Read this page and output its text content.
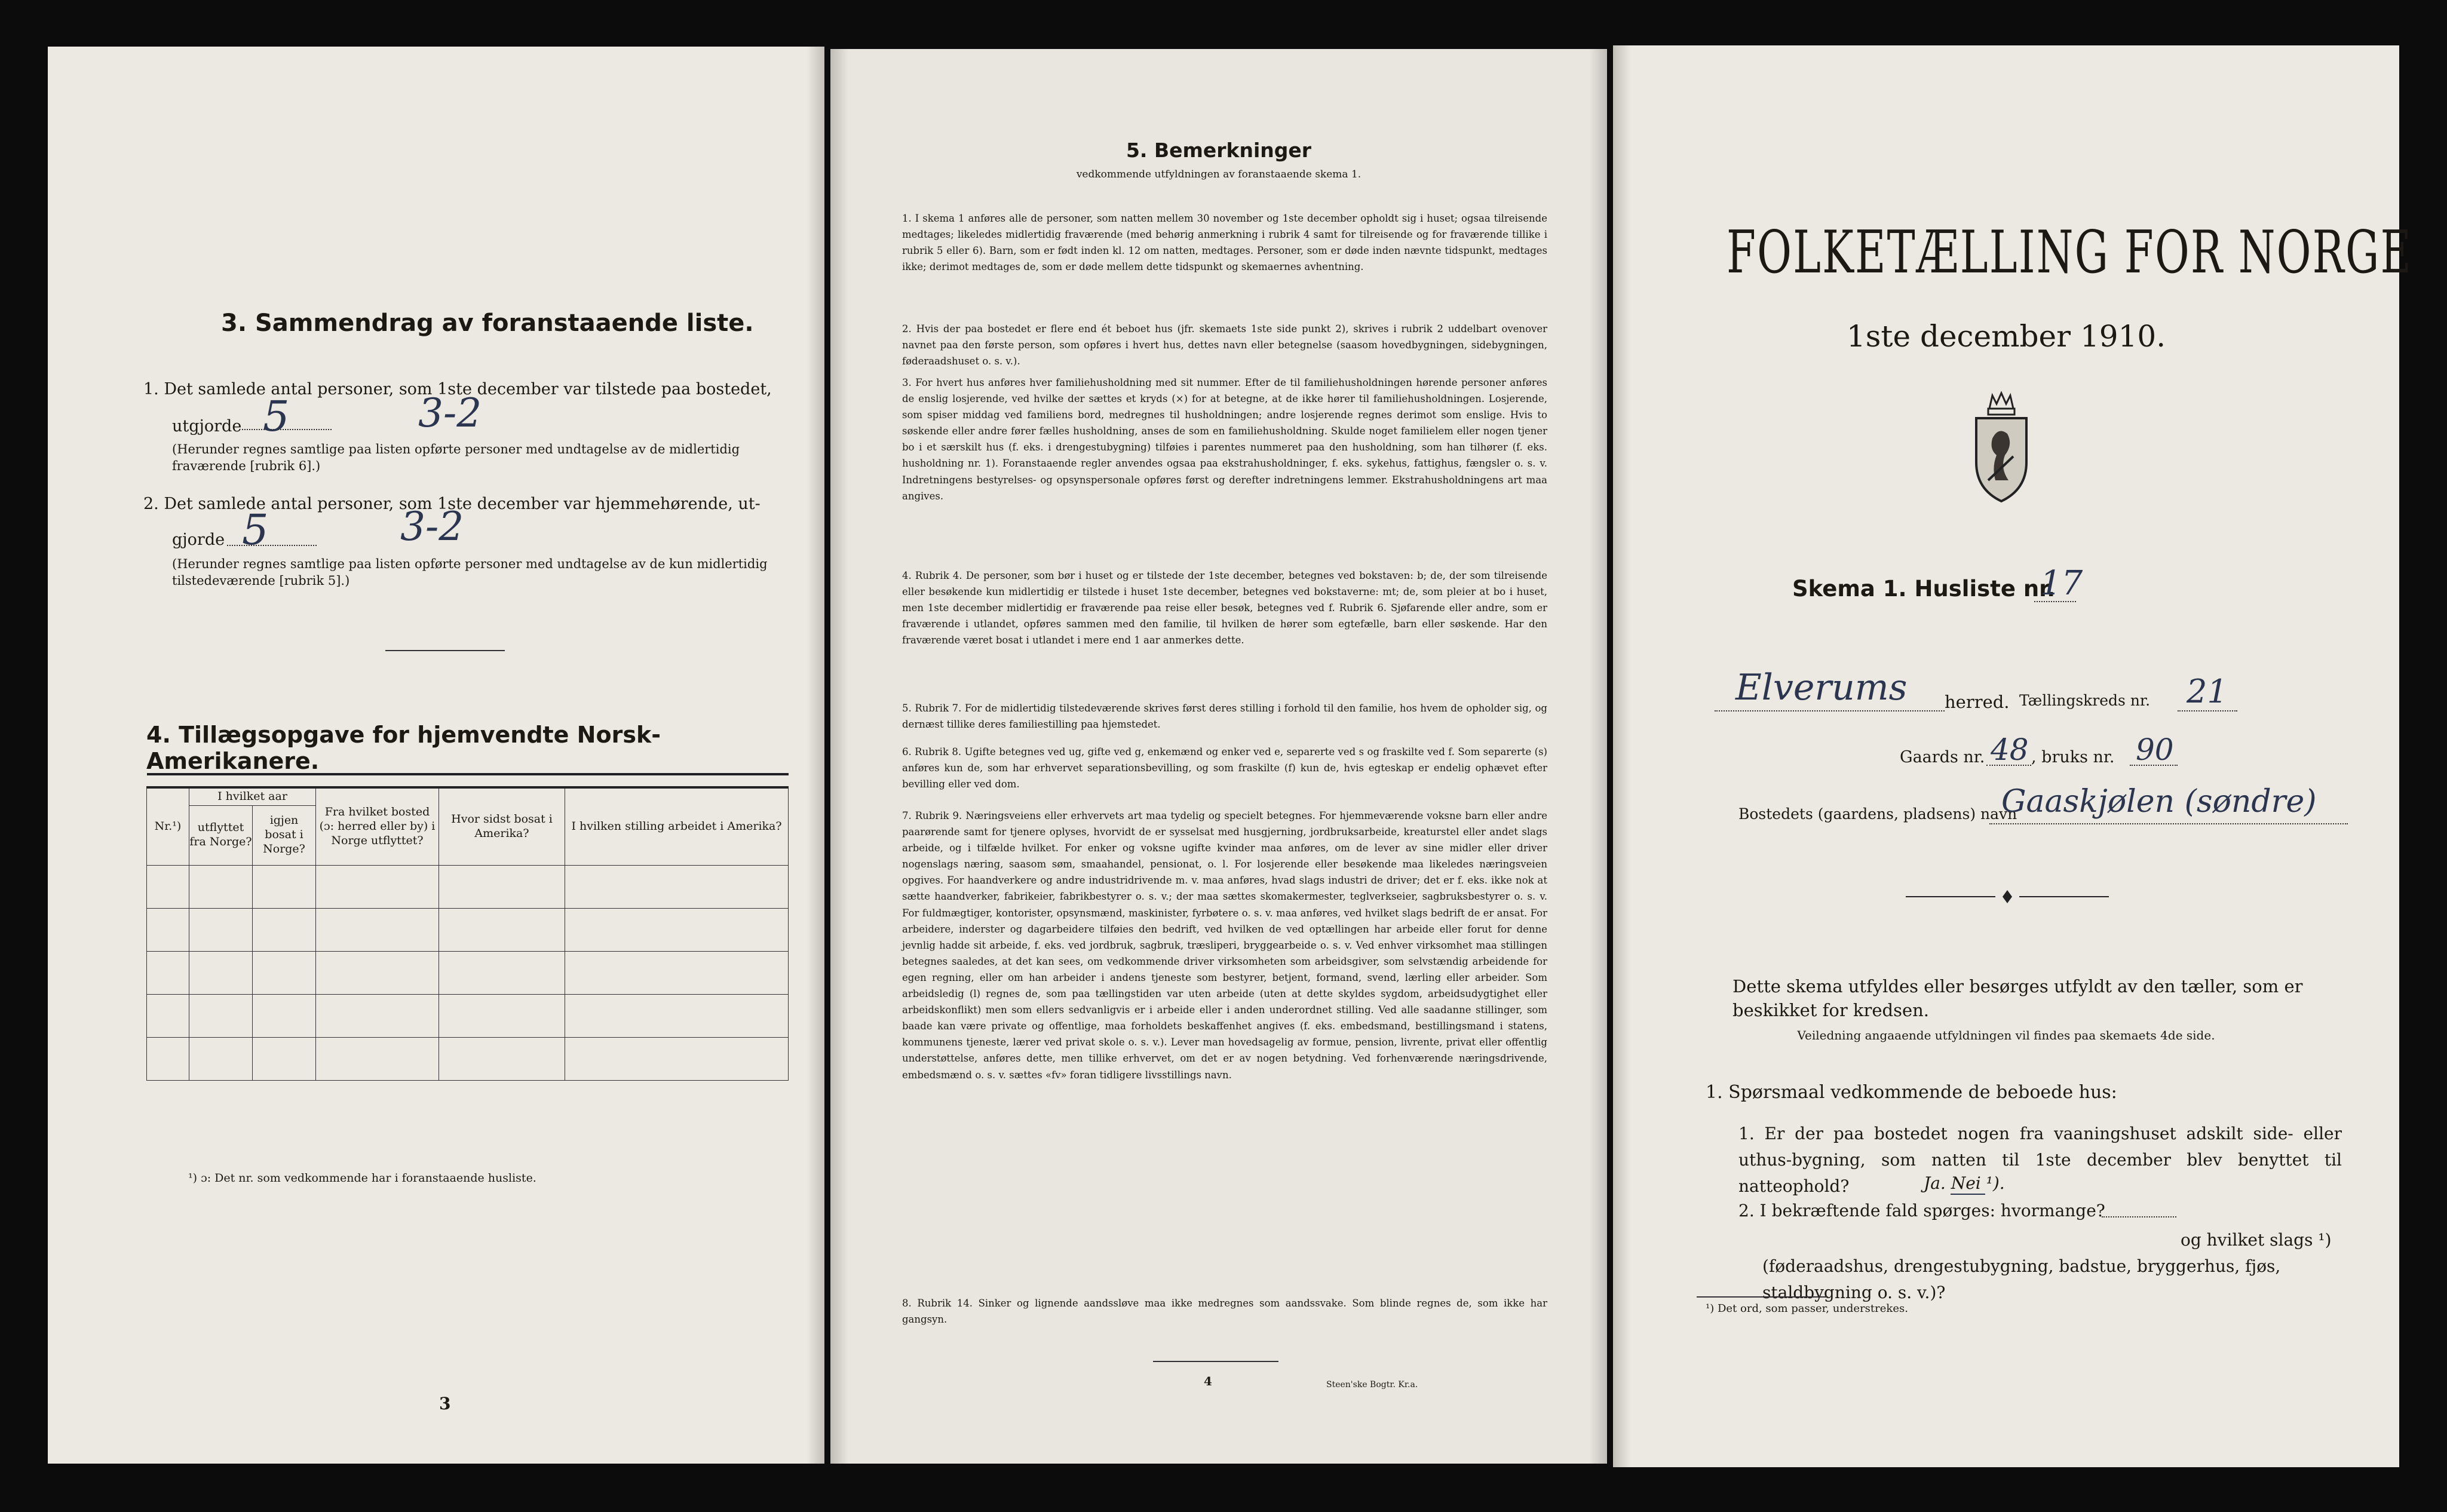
3. Sammendrag av foranstaaende liste.
1. Det samlede antal personer, som 1ste december var tilstede paa bostedet,
utgjorde 5	3-2
(Herunder regnes samtlige paa listen opførte personer med undtagelse av de midlertidig fraværende [rubrik 6].)
2. Det samlede antal personer, som 1ste december var hjemmehørende, ut-
gjorde 5	3-2
(Herunder regnes samtlige paa listen opførte personer med undtagelse av de kun midlertidig tilstedeværende [rubrik 5].)
4. Tillægsopgave for hjemvendte Norsk-Amerikanere.

Nr.¹)	I hvilket aar		Fra hvilket bosted (ɔ: herred eller by) i Norge utflyttet?	Hvor sidst bosat i Amerika?	I hvilken stilling arbeidet i Amerika?
	utflyttet fra Norge?	igjen bosat i Norge?			

¹) ɔ: Det nr. som vedkommende har i foranstaaende husliste.
3
5. Bemerkninger
vedkommende utfyldningen av foranstaaende skema 1.
1. I skema 1 anføres alle de personer, som natten mellem 30 november og 1ste december opholdt sig i huset; ogsaa tilreisende medtages; likeledes midlertidig fraværende (med behørig anmerkning i rubrik 4 samt for tilreisende og for fraværende tillike i rubrik 5 eller 6). Barn, som er født inden kl. 12 om natten, medtages. Personer, som er døde inden nævnte tidspunkt, medtages ikke; derimot medtages de, som er døde mellem dette tidspunkt og skemaernes avhentning.
2. Hvis der paa bostedet er flere end ét beboet hus (jfr. skemaets 1ste side punkt 2), skrives i rubrik 2 uddelbart ovenover navnet paa den første person, som opføres i hvert hus, dettes navn eller betegnelse (saasom hovedbygningen, sidebygningen, føderaadshuset o. s. v.).
3. For hvert hus anføres hver familiehusholdning med sit nummer. Efter de til familiehusholdningen hørende personer anføres de enslig losjerende, ved hvilke der sættes et kryds (×) for at betegne, at de ikke hører til familiehusholdningen. Losjerende, som spiser middag ved familiens bord, medregnes til husholdningen; andre losjerende regnes derimot som enslige. Hvis to søskende eller andre fører fælles husholdning, anses de som en familiehusholdning. Skulde noget familielem eller nogen tjener bo i et særskilt hus (f. eks. i drengestubygning) tilføies i parentes nummeret paa den husholdning, som han tilhører (f. eks. husholdning nr. 1). Foranstaaende regler anvendes ogsaa paa ekstrahusholdninger, f. eks. sykehus, fattighus, fængsler o. s. v. Indretningens bestyrelses- og opsynspersonale opføres først og derefter indretningens lemmer. Ekstrahusholdningens art maa angives.
4. Rubrik 4. De personer, som bør i huset og er tilstede der 1ste december, betegnes ved bokstaven: b; de, der som tilreisende eller besøkende kun midlertidig er tilstede i huset 1ste december, betegnes ved bokstaverne: mt; de, som pleier at bo i huset, men 1ste december midlertidig er fraværende paa reise eller besøk, betegnes ved f. Rubrik 6. Sjøfarende eller andre, som er fraværende i utlandet, opføres sammen med den familie, til hvilken de hører som egtefælle, barn eller søskende. Har den fraværende været bosat i utlandet i mere end 1 aar anmerkes dette.
5. Rubrik 7. For de midlertidig tilstedeværende skrives først deres stilling i forhold til den familie, hos hvem de opholder sig, og dernæst tillike deres familiestilling paa hjemstedet.
6. Rubrik 8. Ugifte betegnes ved ug, gifte ved g, enkemænd og enker ved e, separerte ved s og fraskilte ved f. Som separerte (s) anføres kun de, som har erhvervet separationsbevilling, og som fraskilte (f) kun de, hvis egteskap er endelig ophævet efter bevilling eller ved dom.
7. Rubrik 9. Næringsveiens eller erhvervets art maa tydelig og specielt betegnes. For hjemmeværende voksne barn eller andre paarørende samt for tjenere oplyses, hvorvidt de er sysselsat med husgjerning, jordbruksarbeide, kreaturstel eller andet slags arbeide, og i tilfælde hvilket. For enker og voksne ugifte kvinder maa anføres, om de lever av sine midler eller driver nogenslags næring, saasom søm, smaahandel, pensionat, o. l. For losjerende eller besøkende maa likeledes næringsveien opgives. For haandverkere og andre industridrivende m. v. maa anføres, hvad slags industri de driver; det er f. eks. ikke nok at sætte haandverker, fabrikeier, fabrikbestyrer o. s. v.; der maa sættes skomakermester, teglverkseier, sagbruksbestyrer o. s. v. For fuldmægtiger, kontorister, opsynsmænd, maskinister, fyrbøtere o. s. v. maa anføres, ved hvilket slags bedrift de er ansat. For arbeidere, inderster og dagarbeidere tilføies den bedrift, ved hvilken de ved optællingen har arbeide eller forut for denne jevnlig hadde sit arbeide, f. eks. ved jordbruk, sagbruk, træsliperi, bryggearbeide o. s. v. Ved enhver virksomhet maa stillingen betegnes saaledes, at det kan sees, om vedkommende driver virksomheten som arbeidsgiver, som selvstændig arbeidende for egen regning, eller om han arbeider i andens tjeneste som bestyrer, betjent, formand, svend, lærling eller arbeider. Som arbeidsledig (l) regnes de, som paa tællingstiden var uten arbeide (uten at dette skyldes sygdom, arbeidsudygtighet eller arbeidskonflikt) men som ellers sedvanligvis er i arbeide eller i anden underordnet stilling. Ved alle saadanne stillinger, som baade kan være private og offentlige, maa forholdets beskaffenhet angives (f. eks. embedsmand, bestillingsmand i statens, kommunens tjeneste, lærer ved privat skole o. s. v.). Lever man hovedsagelig av formue, pension, livrente, privat eller offentlig understøttelse, anføres dette, men tillike erhvervet, om det er av nogen betydning. Ved forhenværende næringsdrivende, embedsmænd o. s. v. sættes «fv» foran tidligere livsstillings navn.
8. Rubrik 14. Sinker og lignende aandssløve maa ikke medregnes som aandssvake. Som blinde regnes de, som ikke har gangsyn.
4	Steen'ske Bogtr. Kr.a.
FOLKETÆLLING FOR NORGE
1ste december 1910.
Skema 1. Husliste nr.
17
Elverums herred. Tællingskreds nr. 21
Gaards nr. 48 , bruks nr. 90
Bostedets (gaardens, pladsens) navn
Gaaskjølen (søndre)
Dette skema utfyldes eller besørges utfyldt av den tæller, som er beskikket for kredsen.
Veiledning angaaende utfyldningen vil findes paa skemaets 4de side.
1. Spørsmaal vedkommende de beboede hus:
1. Er der paa bostedet nogen fra vaaningshuset adskilt side- eller uthus-bygning, som natten til 1ste december blev benyttet til natteophold?	Ja. Nei ¹).
2. I bekræftende fald spørges: hvormange?
og hvilket slags ¹) (føderaadshus, drengestubygning, badstue, bryggerhus, fjøs, staldbygning o. s. v.)?
¹) Det ord, som passer, understrekes.
